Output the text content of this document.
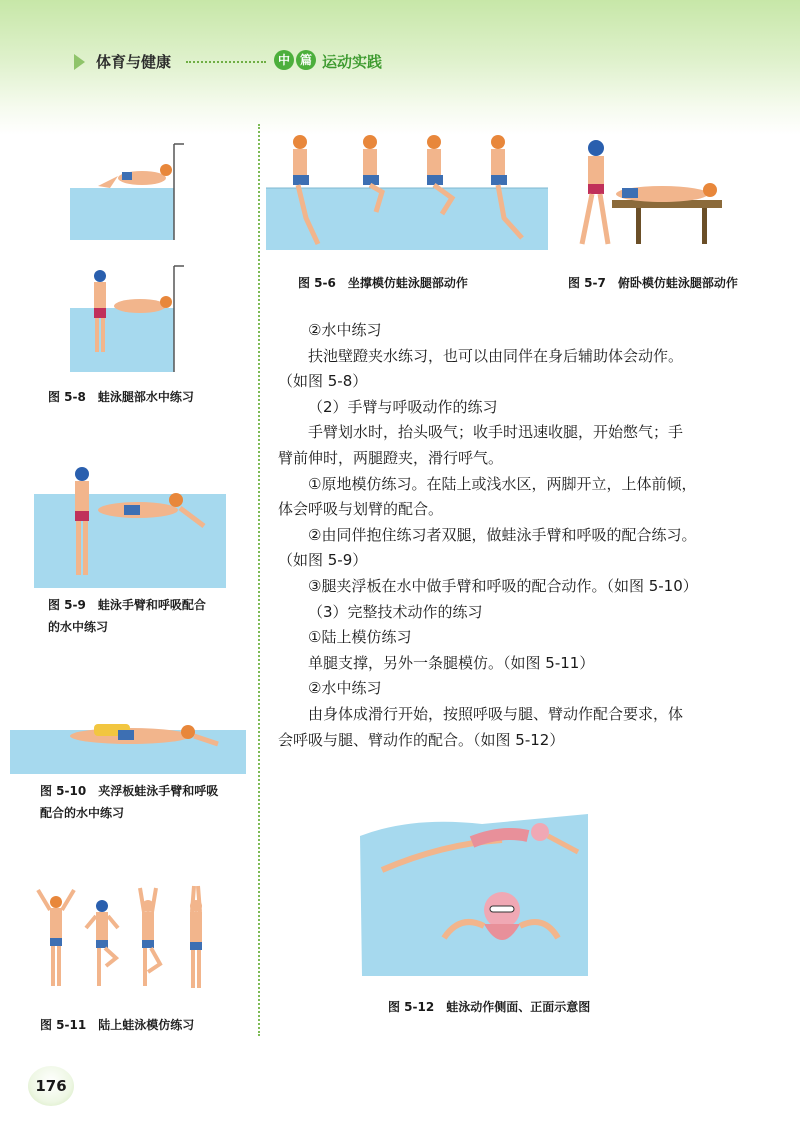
体育与健康	中 篇 运动实践
图 5-8　蛙泳腿部水中练习
图 5-9　蛙泳手臂和呼吸配合
的水中练习
图 5-10　夹浮板蛙泳手臂和呼吸
配合的水中练习
图 5-11　陆上蛙泳模仿练习
图 5-6　坐撑模仿蛙泳腿部动作	图 5-7　俯卧模仿蛙泳腿部动作

②水中练习

扶池壁蹬夹水练习，也可以由同伴在身后辅助体会动作。

（如图 5-8）

（2）手臂与呼吸动作的练习

手臂划水时，抬头吸气；收手时迅速收腿，开始憋气；手

臂前伸时，两腿蹬夹，滑行呼气。

①原地模仿练习。在陆上或浅水区，两脚开立，上体前倾，

体会呼吸与划臂的配合。

②由同伴抱住练习者双腿，做蛙泳手臂和呼吸的配合练习。

（如图 5-9）

③腿夹浮板在水中做手臂和呼吸的配合动作。（如图 5-10）

（3）完整技术动作的练习

①陆上模仿练习

单腿支撑，另外一条腿模仿。（如图 5-11）

②水中练习

由身体成滑行开始，按照呼吸与腿、臂动作配合要求，体

会呼吸与腿、臂动作的配合。（如图 5-12）

图 5-12　蛙泳动作侧面、正面示意图
176
